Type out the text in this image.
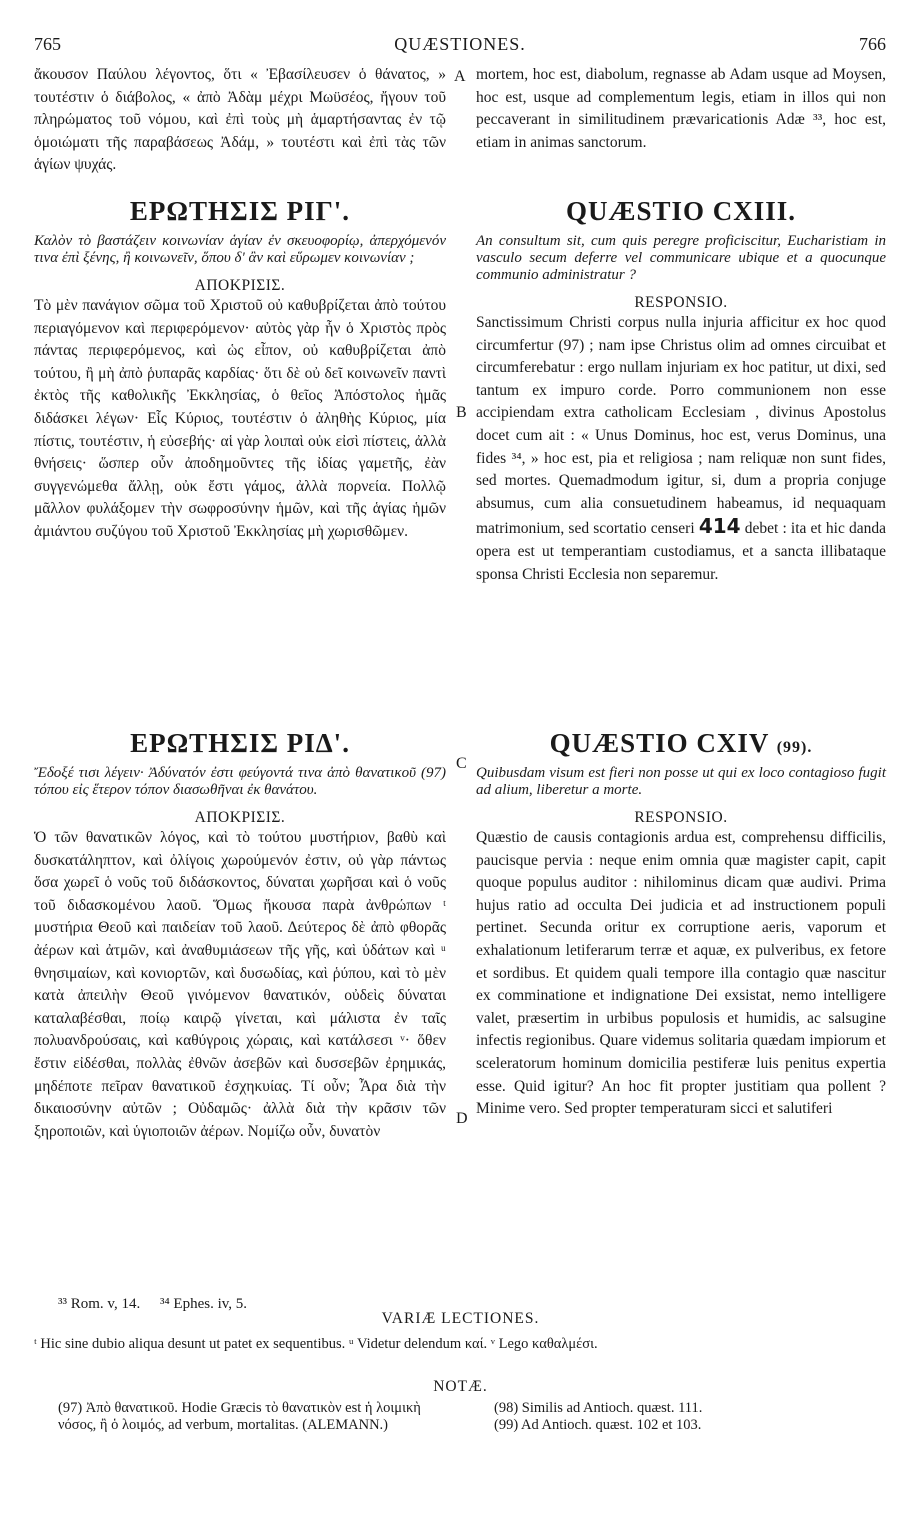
765	QUÆSTIONES.	766

ἄκουσον Παύλου λέγοντος, ὅτι « Ἐβασίλευσεν ὁ θάνατος, » τουτέστιν ὁ διάβολος, « ἀπὸ Ἀδὰμ μέχρι Μωϋσέος, ἤγουν τοῦ πληρώματος τοῦ νόμου, καὶ ἐπὶ τοὺς μὴ ἁμαρτήσαντας ἐν τῷ ὁμοιώματι τῆς παραβάσεως Ἀδάμ, » τουτέστι καὶ ἐπὶ τὰς τῶν ἁγίων ψυχάς.

ΕΡΩΤΗΣΙΣ ΡΙΓ'.

Καλὸν τὸ βαστάζειν κοινωνίαν ἁγίαν ἐν σκευοφορίῳ, ἀπερχόμενόν τινα ἐπὶ ξένης, ἢ κοινωνεῖν, ὅπου δ' ἂν καὶ εὕρωμεν κοινωνίαν ;

ΑΠΟΚΡΙΣΙΣ.

Τὸ μὲν πανάγιον σῶμα τοῦ Χριστοῦ οὐ καθυβρίζεται ἀπὸ τούτου περιαγόμενον καὶ περιφερόμενον· αὐτὸς γὰρ ἦν ὁ Χριστὸς πρὸς πάντας περιφερόμενος, καὶ ὡς εἶπον, οὐ καθυβρίζεται ἀπὸ τούτου, ἢ μὴ ἀπὸ ῥυπαρᾶς καρδίας· ὅτι δὲ οὐ δεῖ κοινωνεῖν παντὶ ἐκτὸς τῆς καθολικῆς Ἐκκλησίας, ὁ θεῖος Ἀπόστολος ἡμᾶς διδάσκει λέγων· Εἷς Κύριος, τουτέστιν ὁ ἀληθὴς Κύριος, μία πίστις, τουτέστιν, ἡ εὐσεβής· αἱ γὰρ λοιπαὶ οὐκ εἰσὶ πίστεις, ἀλλὰ θνήσεις· ὥσπερ οὖν ἀποδημοῦντες τῆς ἰδίας γαμετῆς, ἐὰν συγγενώμεθα ἄλλῃ, οὐκ ἔστι γάμος, ἀλλὰ πορνεία. Πολλῷ μᾶλλον φυλάξομεν τὴν σωφροσύνην ἡμῶν, καὶ τῆς ἁγίας ἡμῶν ἀμιάντου συζύγου τοῦ Χριστοῦ Ἐκκλησίας μὴ χωρισθῶμεν.

ΕΡΩΤΗΣΙΣ ΡΙΔ'.

Ἔδοξέ τισι λέγειν· Ἀδύνατόν ἐστι φεύγοντά τινα ἀπὸ θανατικοῦ (97) τόπου εἰς ἕτερον τόπον διασωθῆναι ἐκ θανάτου.

ΑΠΟΚΡΙΣΙΣ.

Ὁ τῶν θανατικῶν λόγος, καὶ τὸ τούτου μυστήριον, βαθὺ καὶ δυσκατάληπτον, καὶ ὀλίγοις χωρούμενόν ἐστιν, οὐ γὰρ πάντως ὅσα χωρεῖ ὁ νοῦς τοῦ διδάσκοντος, δύναται χωρῆσαι καὶ ὁ νοῦς τοῦ διδασκομένου λαοῦ. Ὅμως ἤκουσα παρὰ ἀνθρώπων ᵗ μυστήρια Θεοῦ καὶ παιδείαν τοῦ λαοῦ. Δεύτερος δὲ ἀπὸ φθορᾶς ἀέρων καὶ ἀτμῶν, καὶ ἀναθυμιάσεων τῆς γῆς, καὶ ὑδάτων καὶ ᵘ θνησιμαίων, καὶ κονιορτῶν, καὶ δυσωδίας, καὶ ῥύπου, καὶ τὸ μὲν κατὰ ἀπειλὴν Θεοῦ γινόμενον θανατικόν, οὐδεὶς δύναται καταλαβέσθαι, ποίῳ καιρῷ γίνεται, καὶ μάλιστα ἐν ταῖς πολυανδρούσαις, καὶ καθύγροις χώραις, καὶ κατάλσεσι ᵛ· ὅθεν ἔστιν εἰδέσθαι, πολλὰς ἐθνῶν ἀσεβῶν καὶ δυσσεβῶν ἐρημικάς, μηδέποτε πεῖραν θανατικοῦ ἐσχηκυίας. Τί οὖν; Ἆρα διὰ τὴν δικαιοσύνην αὐτῶν ; Οὐδαμῶς· ἀλλὰ διὰ τὴν κρᾶσιν τῶν ξηροποιῶν, καὶ ὑγιοποιῶν ἀέρων. Νομίζω οὖν, δυνατὸν

A
B
C
D

mortem, hoc est, diabolum, regnasse ab Adam usque ad Moysen, hoc est, usque ad complementum legis, etiam in illos qui non peccaverant in similitudinem prævaricationis Adæ ³³, hoc est, etiam in animas sanctorum.

QUÆSTIO CXIII.

An consultum sit, cum quis peregre proficiscitur, Eucharistiam in vasculo secum deferre vel communicare ubique et a quocunque communio administratur ?

RESPONSIO.

Sanctissimum Christi corpus nulla injuria afficitur ex hoc quod circumfertur (97) ; nam ipse Christus olim ad omnes circuibat et circumferebatur : ergo nullam injuriam ex hoc patitur, ut dixi, sed tantum ex impuro corde. Porro communionem non esse accipiendam extra catholicam Ecclesiam , divinus Apostolus docet cum ait : « Unus Dominus, hoc est, verus Dominus, una fides ³⁴, » hoc est, pia et religiosa ; nam reliquæ non sunt fides, sed mortes. Quemadmodum igitur, si, dum a propria conjuge absumus, cum alia consuetudinem habeamus, id nequaquam matrimonium, sed scortatio censeri 414 debet : ita et hic danda opera est ut temperantiam custodiamus, et a sancta illibataque sponsa Christi Ecclesia non separemur.

QUÆSTIO CXIV (99).

Quibusdam visum est fieri non posse ut qui ex loco contagioso fugit ad alium, liberetur a morte.

RESPONSIO.

Quæstio de causis contagionis ardua est, comprehensu difficilis, paucisque pervia : neque enim omnia quæ magister capit, capit quoque populus auditor : nihilominus dicam quæ audivi. Prima hujus ratio ad occulta Dei judicia et ad instructionem populi pertinet. Secunda oritur ex corruptione aeris, vaporum et exhalationum letiferarum terræ et aquæ, ex pulveribus, ex fetore et sordibus. Et quidem quali tempore illa contagio quæ nascitur ex comminatione et indignatione Dei exsistat, nemo intelligere valet, præsertim in urbibus populosis et humidis, ac salsugine infectis regionibus. Quare videmus solitaria quædam impiorum et sceleratorum hominum domicilia pestiferæ luis penitus expertia esse. Quid igitur? An hoc fit propter justitiam qua pollent ? Minime vero. Sed propter temperaturam sicci et salutiferi

³³ Rom. v, 14. ³⁴ Ephes. iv, 5.
VARIÆ LECTIONES.
ᵗ Hic sine dubio aliqua desunt ut patet ex sequentibus. ᵘ Videtur delendum καί. ᵛ Lego καθαλμέσι.
NOTÆ.
(97) Ἀπὸ θανατικοῦ. Hodie Græcis τὸ θανατικὸν est ἡ λοιμικὴ νόσος, ἢ ὁ λοιμός, ad verbum, mortalitas. (ALEMANN.)
(98) Similis ad Antioch. quæst. 111.
(99) Ad Antioch. quæst. 102 et 103.
